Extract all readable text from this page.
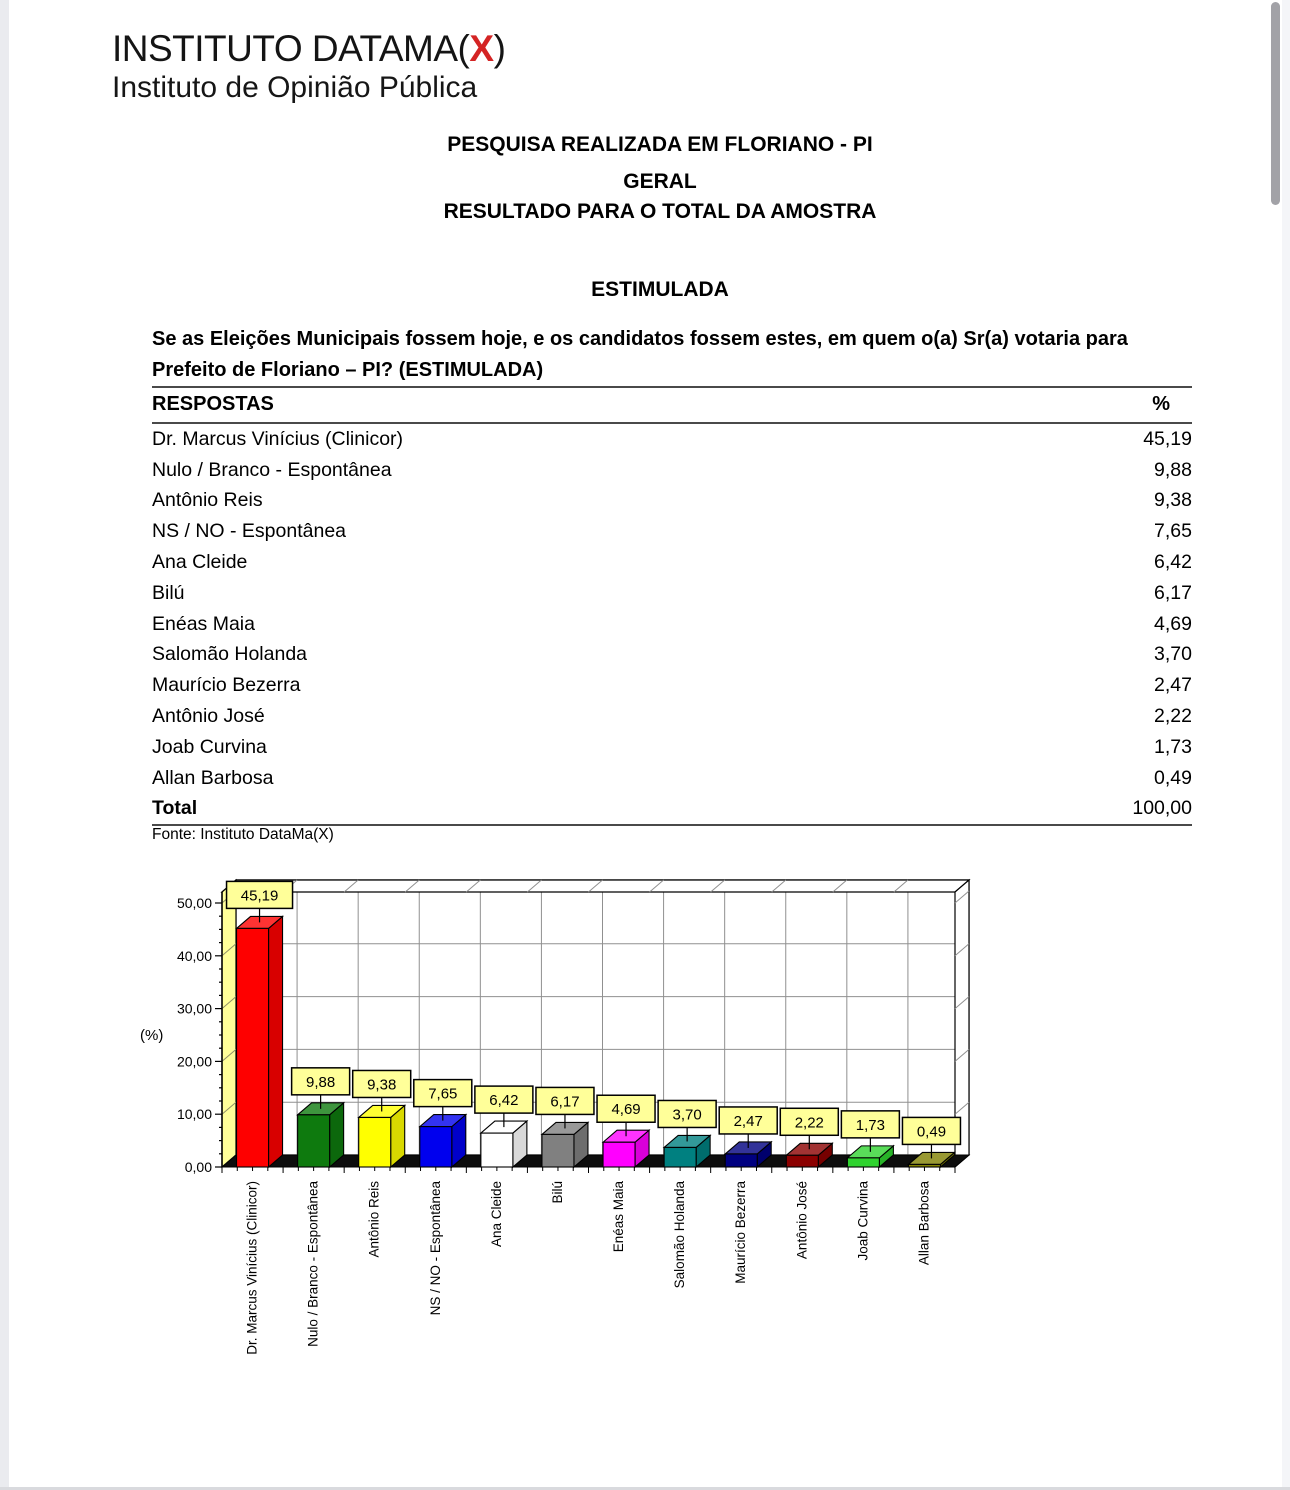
INSTITUTO DATAMA(X)
Instituto de Opinião Pública
PESQUISA REALIZADA EM FLORIANO - PI
GERAL
RESULTADO PARA O TOTAL DA AMOSTRA
ESTIMULADA
Se as Eleições Municipais fossem hoje, e os candidatos fossem estes, em quem o(a) Sr(a) votaria para Prefeito de Floriano – PI? (ESTIMULADA)
RESPOSTAS	%
Dr. Marcus Vinícius (Clinicor)	45,19
Nulo / Branco - Espontânea	9,88
Antônio Reis	9,38
NS / NO - Espontânea	7,65
Ana Cleide	6,42
Bilú	6,17
Enéas Maia	4,69
Salomão Holanda	3,70
Maurício Bezerra	2,47
Antônio José	2,22
Joab Curvina	1,73
Allan Barbosa	0,49
Total	100,00
Fonte: Instituto DataMa(X)
0,00
10,00
20,00
30,00
40,00
50,00
(%)
45,19
9,88 9,38
7,65 6,42 6,17 4,69 3,70 2,47 2,22 1,73 0,49
Dr. Marcus Vinícius (Clinicor)	Nulo / Branco - Espontânea	Antônio Reis	NS / NO - Espontânea	Ana Cleide	Bilú	Enéas Maia	Salomão Holanda	Maurício Bezerra	Antônio José	Joab Curvina	Allan Barbosa
